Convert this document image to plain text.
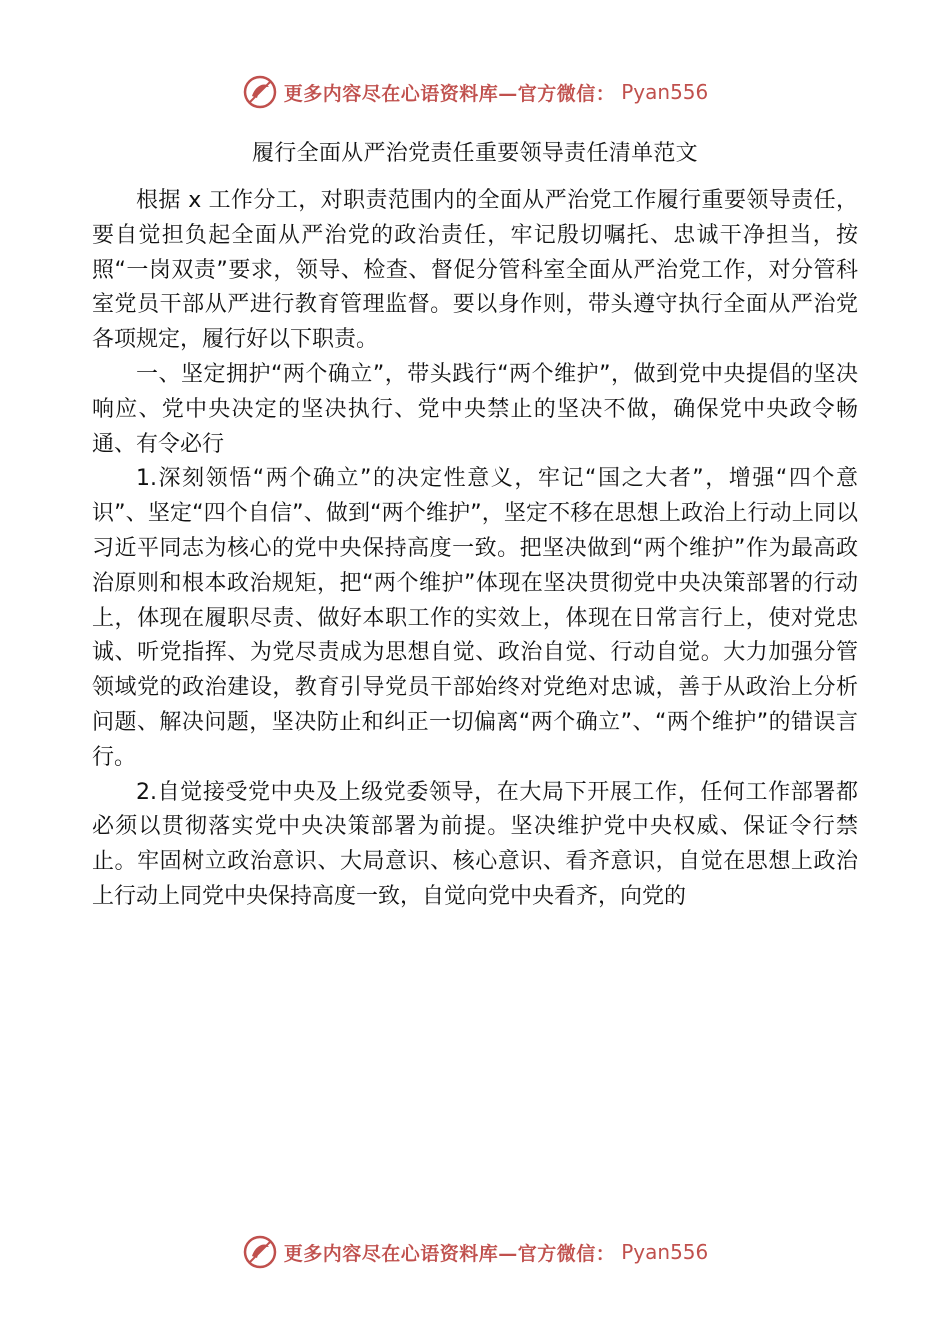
更多内容尽在心语资料库—官方微信： Pyan556
履行全面从严治党责任重要领导责任清单范文

根据 x 工作分工，对职责范围内的全面从严治党工作履行重要领导责任，要自觉担负起全面从严治党的政治责任，牢记殷切嘱托、忠诚干净担当，按照“一岗双责”要求，领导、检查、督促分管科室全面从严治党工作，对分管科室党员干部从严进行教育管理监督。要以身作则，带头遵守执行全面从严治党各项规定，履行好以下职责。

一、坚定拥护“两个确立”，带头践行“两个维护”，做到党中央提倡的坚决响应、党中央决定的坚决执行、党中央禁止的坚决不做，确保党中央政令畅通、有令必行

1.深刻领悟“两个确立”的决定性意义，牢记“国之大者”，增强“四个意识”、坚定“四个自信”、做到“两个维护”，坚定不移在思想上政治上行动上同以习近平同志为核心的党中央保持高度一致。把坚决做到“两个维护”作为最高政治原则和根本政治规矩，把“两个维护”体现在坚决贯彻党中央决策部署的行动上，体现在履职尽责、做好本职工作的实效上，体现在日常言行上，使对党忠诚、听党指挥、为党尽责成为思想自觉、政治自觉、行动自觉。大力加强分管领域党的政治建设，教育引导党员干部始终对党绝对忠诚，善于从政治上分析问题、解决问题，坚决防止和纠正一切偏离“两个确立”、“两个维护”的错误言行。

2.自觉接受党中央及上级党委领导，在大局下开展工作，任何工作部署都必须以贯彻落实党中央决策部署为前提。坚决维护党中央权威、保证令行禁止。牢固树立政治意识、大局意识、核心意识、看齐意识，自觉在思想上政治上行动上同党中央保持高度一致，自觉向党中央看齐，向党的

更多内容尽在心语资料库—官方微信： Pyan556
